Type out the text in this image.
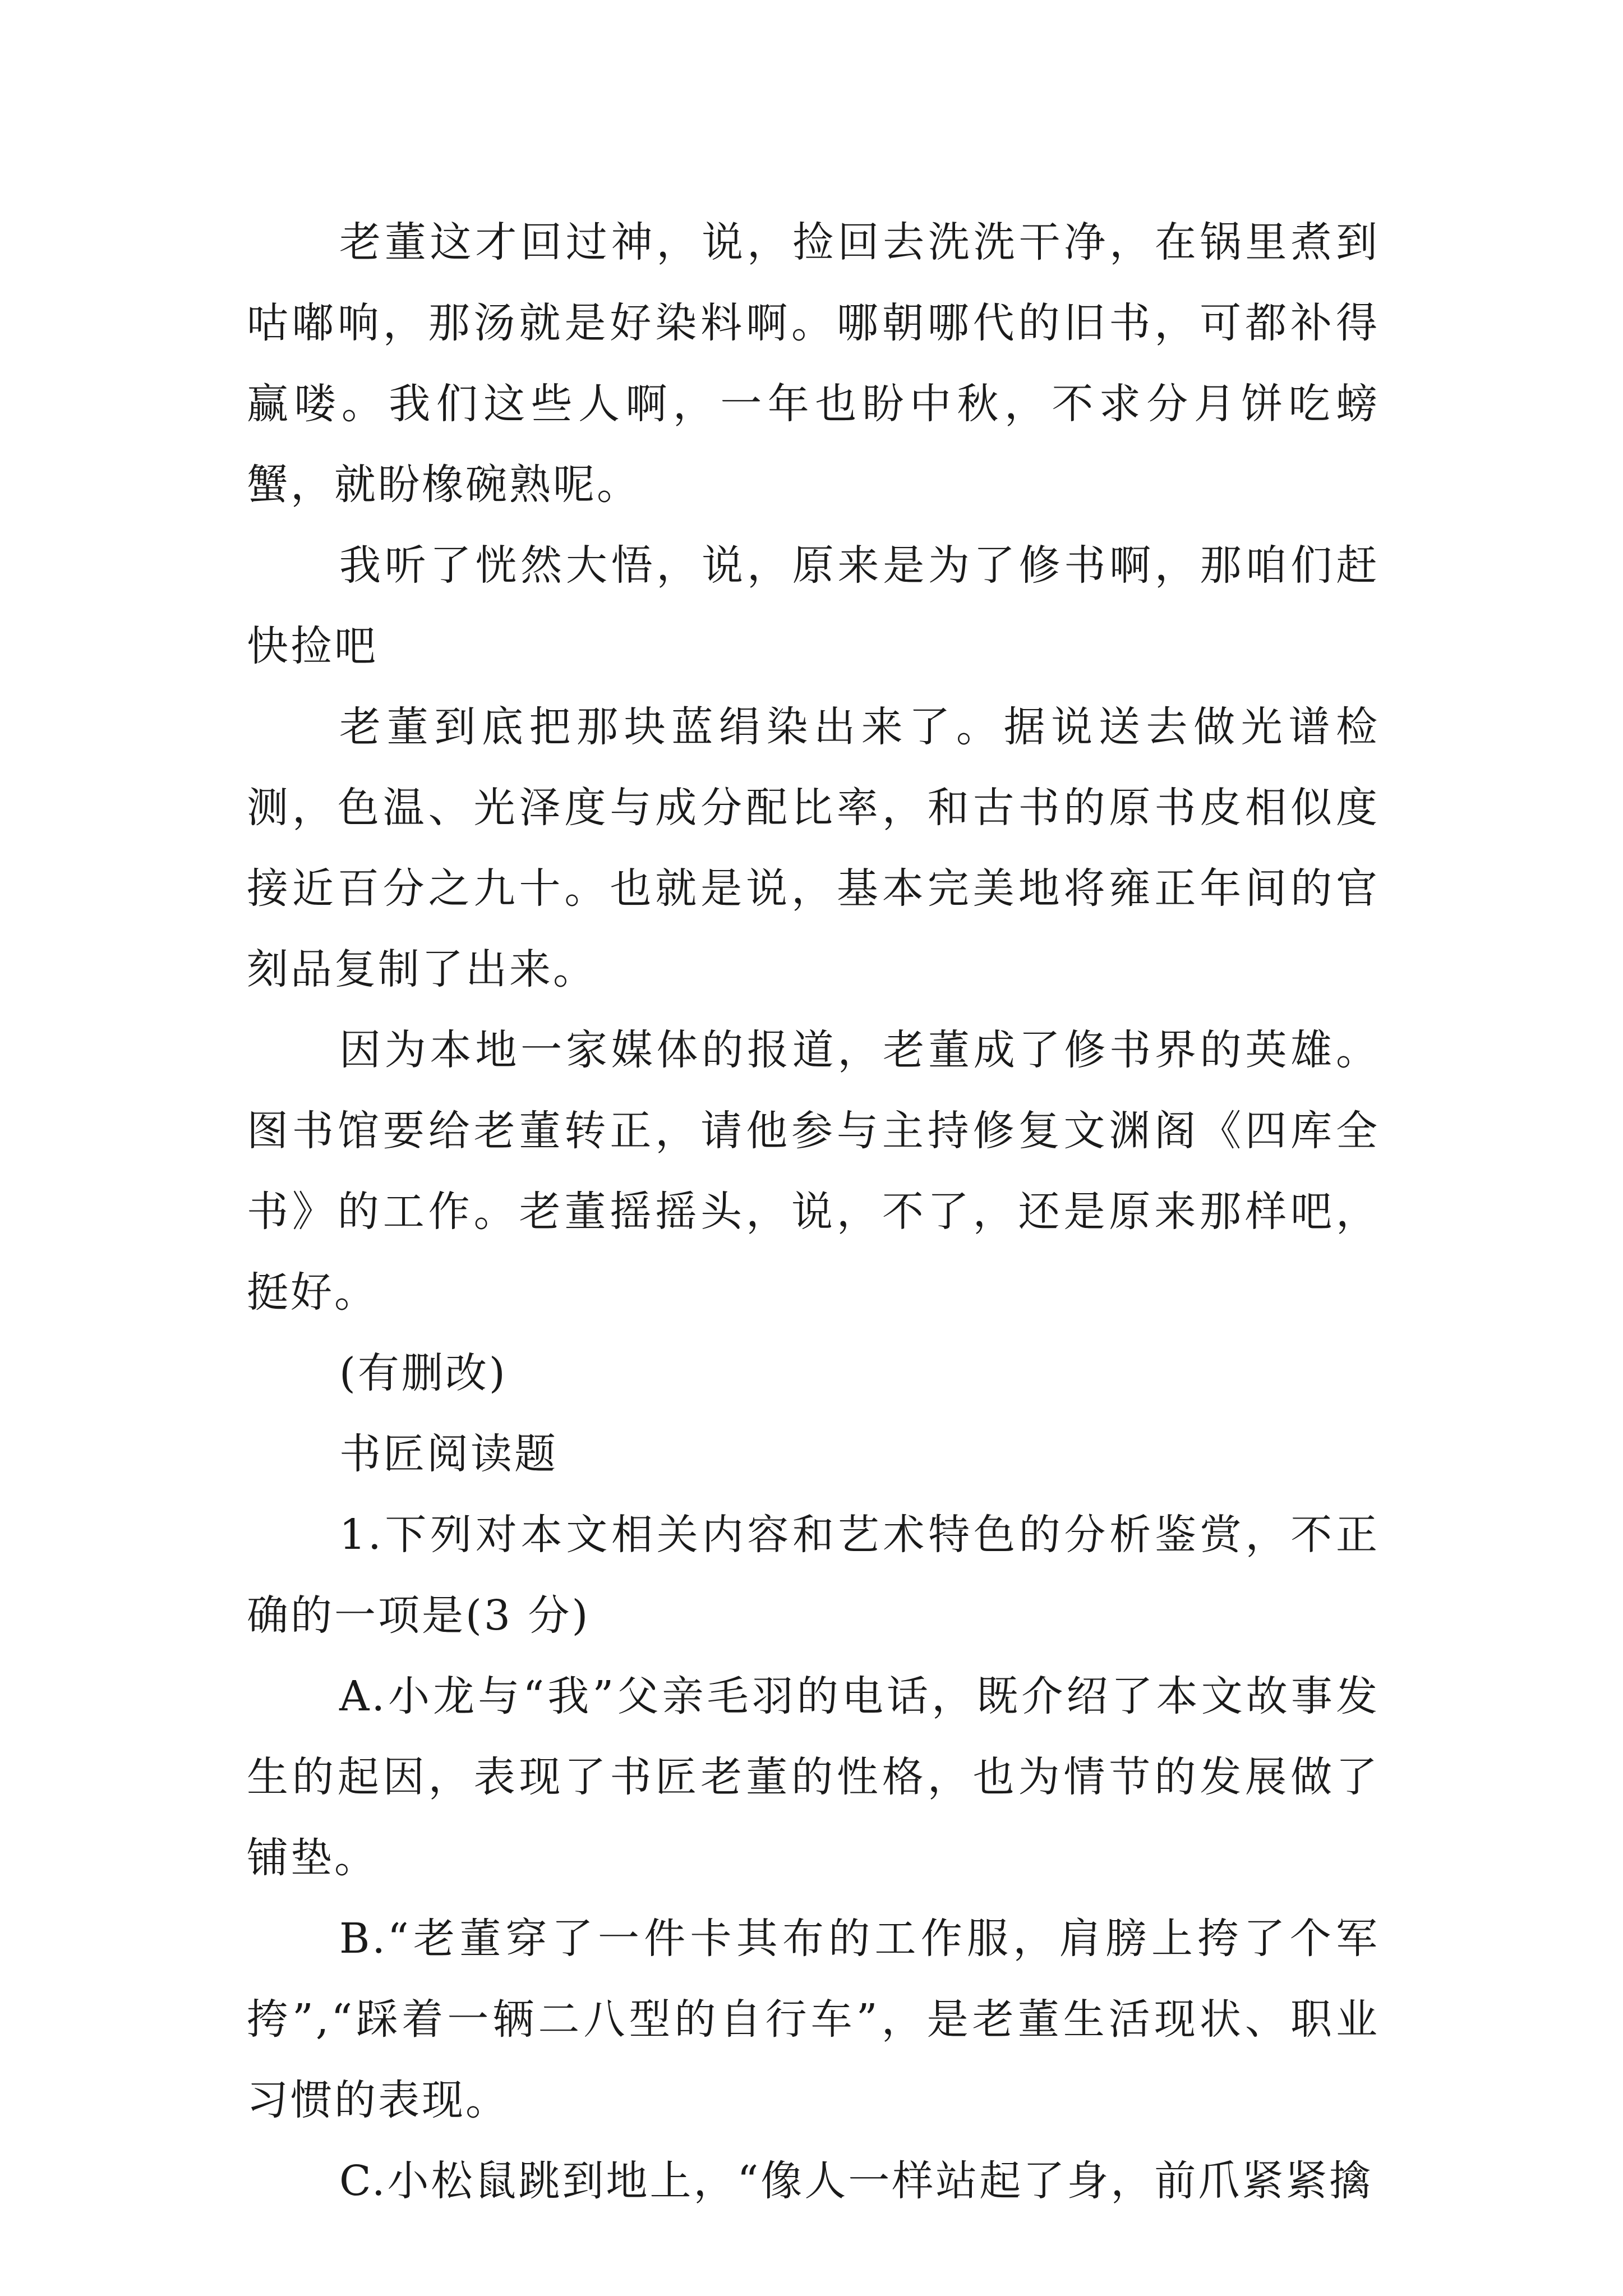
老董这才回过神，说，捡回去洗洗干净，在锅里煮到咕嘟响，那汤就是好染料啊。哪朝哪代的旧书，可都补得赢喽。我们这些人啊，一年也盼中秋，不求分月饼吃螃蟹，就盼橡碗熟呢。

我听了恍然大悟，说，原来是为了修书啊，那咱们赶快捡吧

老董到底把那块蓝绢染出来了。据说送去做光谱检测，色温、光泽度与成分配比率，和古书的原书皮相似度接近百分之九十。也就是说，基本完美地将雍正年间的官刻品复制了出来。

因为本地一家媒体的报道，老董成了修书界的英雄。图书馆要给老董转正，请他参与主持修复文渊阁《四库全书》的工作。老董摇摇头，说，不了，还是原来那样吧，挺好。

(有删改)

书匠阅读题

1.下列对本文相关内容和艺术特色的分析鉴赏，不正确的一项是(3 分)

A.小龙与“我”父亲毛羽的电话，既介绍了本文故事发生的起因，表现了书匠老董的性格，也为情节的发展做了铺垫。

B.“老董穿了一件卡其布的工作服，肩膀上挎了个军挎”,“踩着一辆二八型的自行车”，是老董生活现状、职业习惯的表现。

C.小松鼠跳到地上，“像人一样站起了身，前爪紧紧擒
